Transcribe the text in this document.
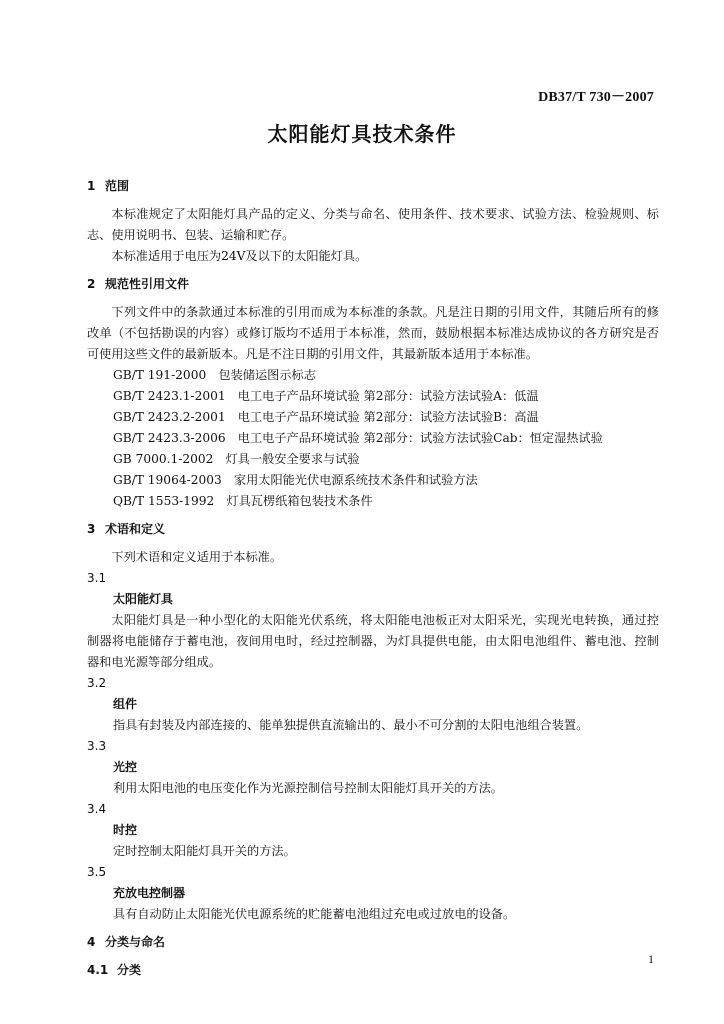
DB37/T 730－2007
太阳能灯具技术条件
1 范围

本标准规定了太阳能灯具产品的定义、分类与命名、使用条件、技术要求、试验方法、检验规则、标志、使用说明书、包装、运输和贮存。

本标准适用于电压为24V及以下的太阳能灯具。

2 规范性引用文件

下列文件中的条款通过本标准的引用而成为本标准的条款。凡是注日期的引用文件，其随后所有的修改单（不包括勘误的内容）或修订版均不适用于本标准，然而，鼓励根据本标准达成协议的各方研究是否可使用这些文件的最新版本。凡是不注日期的引用文件，其最新版本适用于本标准。

GB/T 191-2000　包装储运图示标志

GB/T 2423.1-2001　电工电子产品环境试验 第2部分：试验方法试验A：低温

GB/T 2423.2-2001　电工电子产品环境试验 第2部分：试验方法试验B：高温

GB/T 2423.3-2006　电工电子产品环境试验 第2部分：试验方法试验Cab：恒定湿热试验

GB 7000.1-2002　灯具一般安全要求与试验

GB/T 19064-2003　家用太阳能光伏电源系统技术条件和试验方法

QB/T 1553-1992　灯具瓦楞纸箱包装技术条件

3 术语和定义

下列术语和定义适用于本标准。

3.1

太阳能灯具

太阳能灯具是一种小型化的太阳能光伏系统，将太阳能电池板正对太阳采光，实现光电转换，通过控制器将电能储存于蓄电池，夜间用电时，经过控制器，为灯具提供电能，由太阳电池组件、蓄电池、控制器和电光源等部分组成。

3.2

组件

指具有封装及内部连接的、能单独提供直流输出的、最小不可分割的太阳电池组合装置。

3.3

光控

利用太阳电池的电压变化作为光源控制信号控制太阳能灯具开关的方法。

3.4

时控

定时控制太阳能灯具开关的方法。

3.5

充放电控制器

具有自动防止太阳能光伏电源系统的贮能蓄电池组过充电或过放电的设备。

4 分类与命名
4.1 分类
1
